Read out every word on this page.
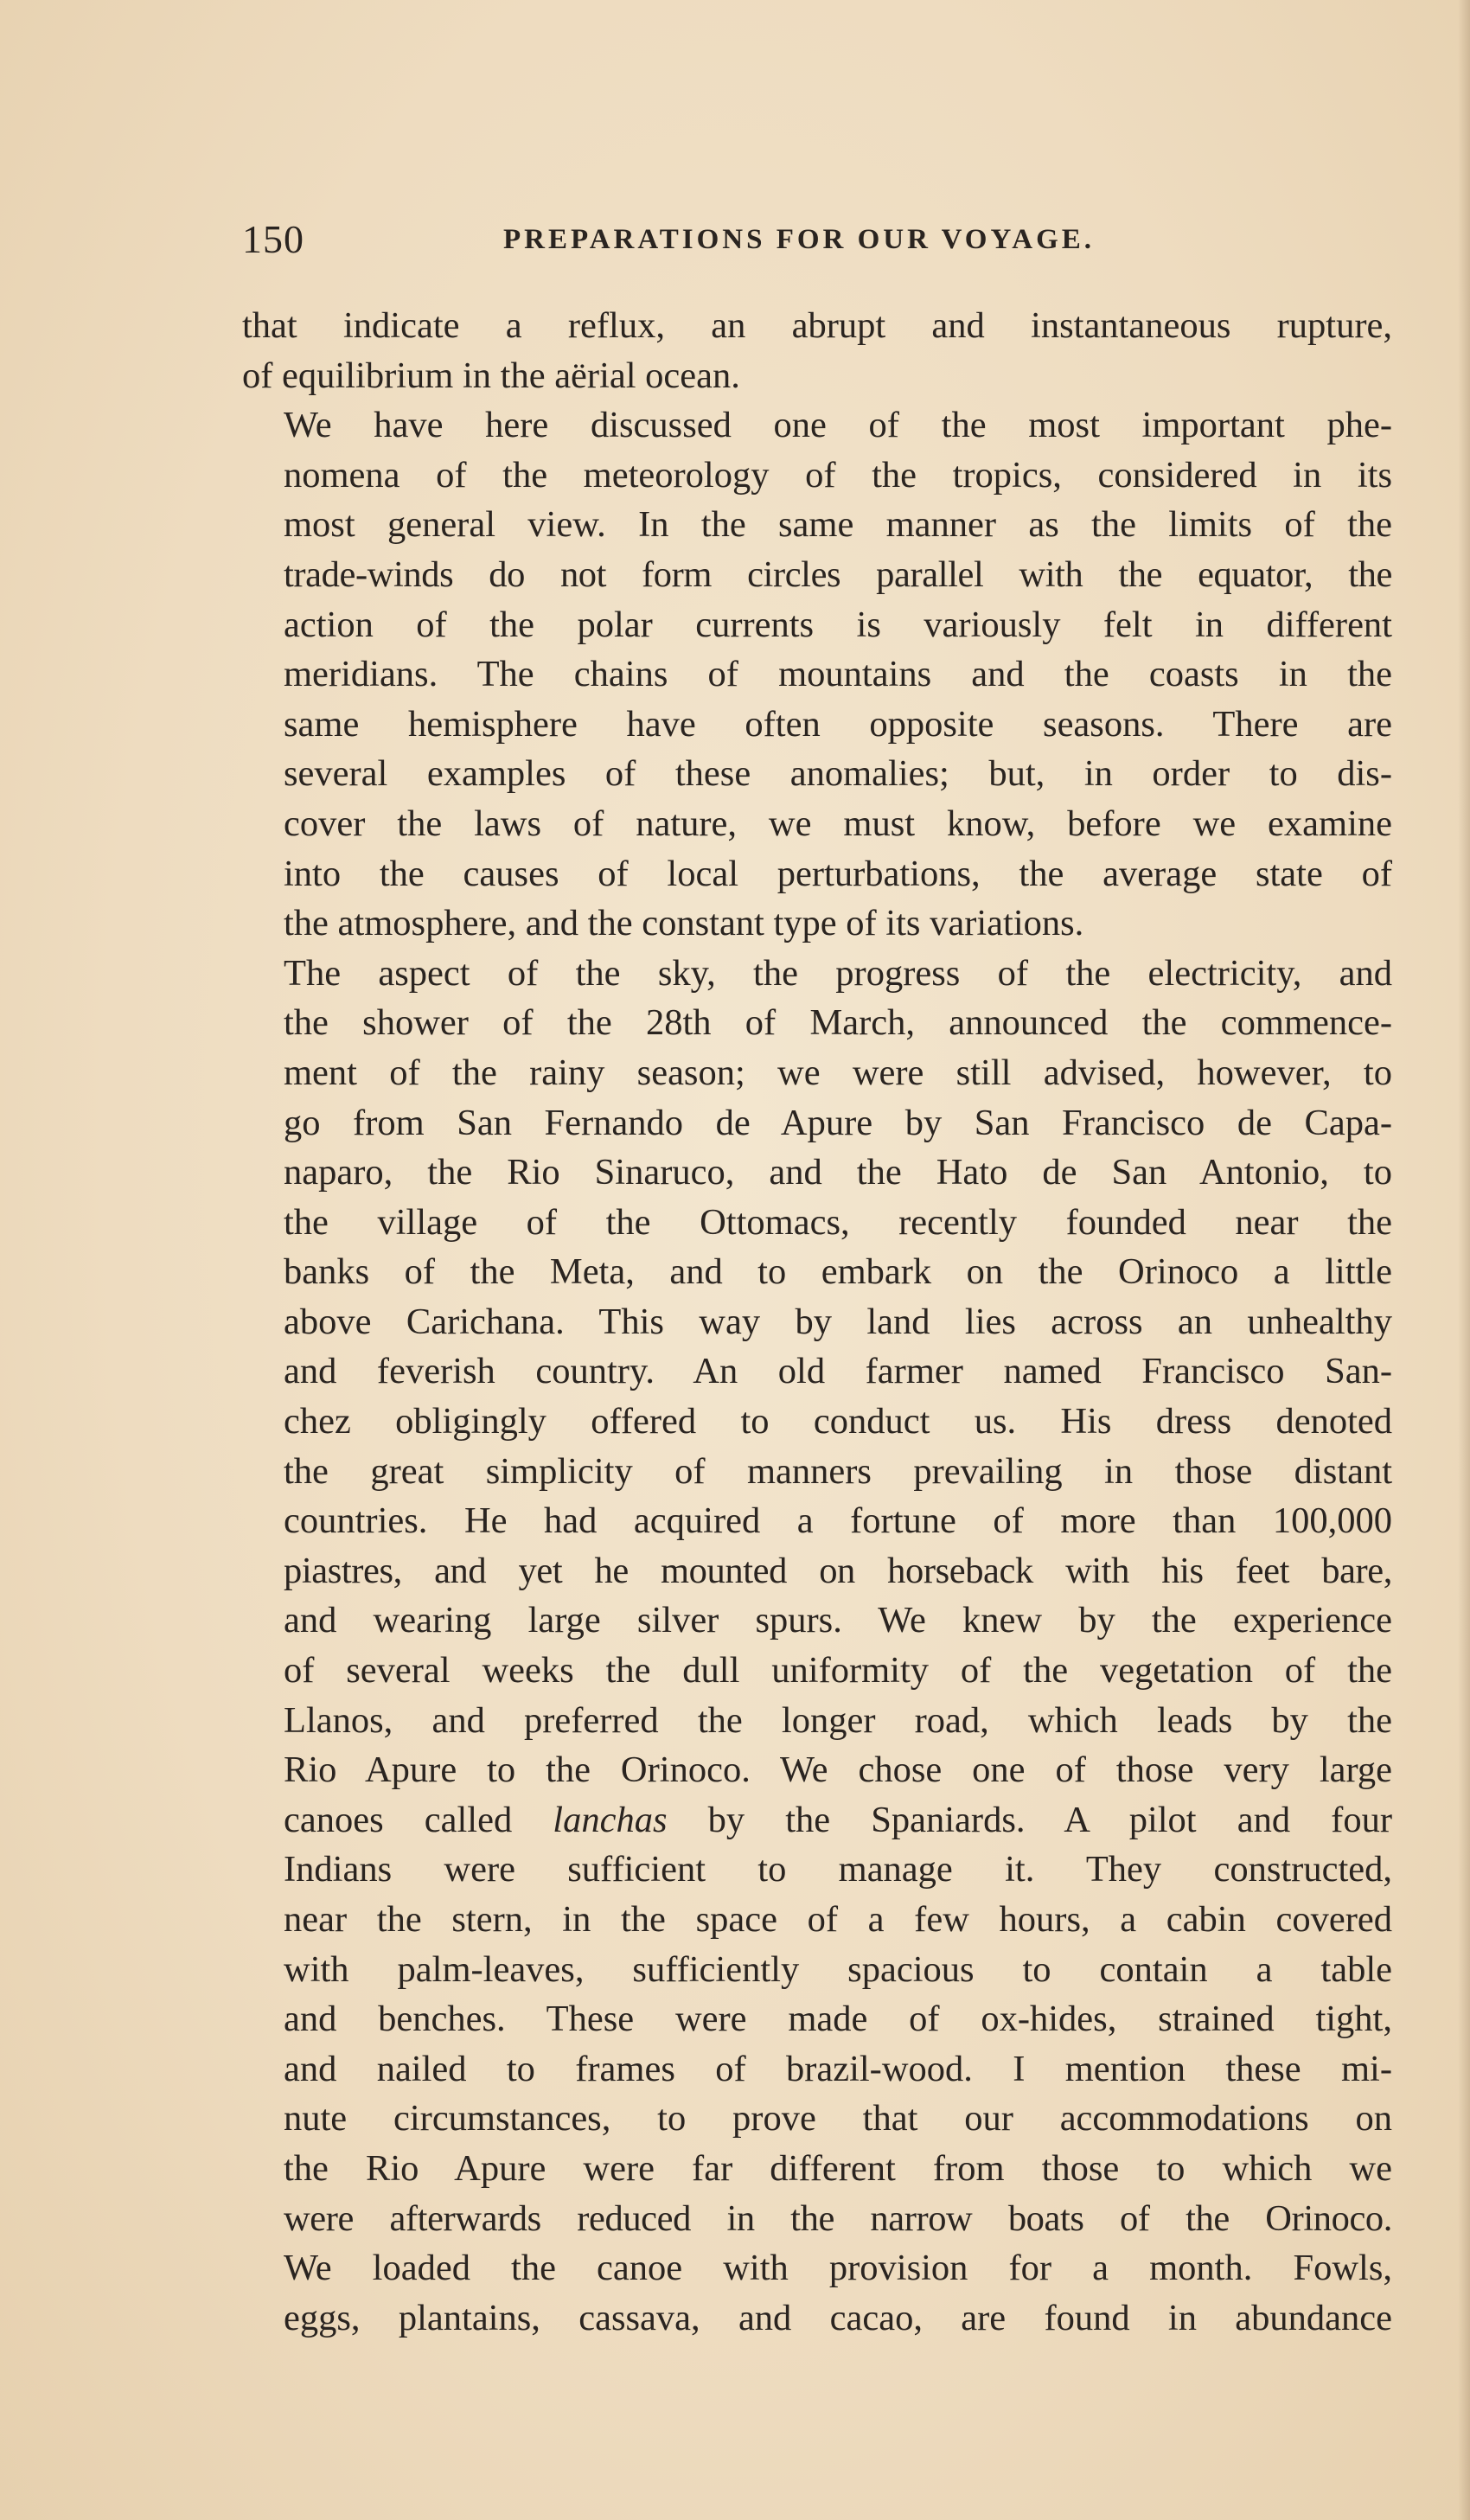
150	PREPARATIONS FOR OUR VOYAGE.

that indicate a reflux, an abrupt and instantaneous rupture,
of equilibrium in the aërial ocean.

We have here discussed one of the most important phe-
nomena of the meteorology of the tropics, considered in its
most general view. In the same manner as the limits of the
trade-winds do not form circles parallel with the equator, the
action of the polar currents is variously felt in different
meridians. The chains of mountains and the coasts in the
same hemisphere have often opposite seasons. There are
several examples of these anomalies; but, in order to dis-
cover the laws of nature, we must know, before we examine
into the causes of local perturbations, the average state of
the atmosphere, and the constant type of its variations.

The aspect of the sky, the progress of the electricity, and
the shower of the 28th of March, announced the commence-
ment of the rainy season; we were still advised, however, to
go from San Fernando de Apure by San Francisco de Capa-
naparo, the Rio Sinaruco, and the Hato de San Antonio, to
the village of the Ottomacs, recently founded near the
banks of the Meta, and to embark on the Orinoco a little
above Carichana. This way by land lies across an unhealthy
and feverish country. An old farmer named Francisco San-
chez obligingly offered to conduct us. His dress denoted
the great simplicity of manners prevailing in those distant
countries. He had acquired a fortune of more than 100,000
piastres, and yet he mounted on horseback with his feet bare,
and wearing large silver spurs. We knew by the experience
of several weeks the dull uniformity of the vegetation of the
Llanos, and preferred the longer road, which leads by the
Rio Apure to the Orinoco. We chose one of those very large
canoes called lanchas by the Spaniards. A pilot and four
Indians were sufficient to manage it. They constructed,
near the stern, in the space of a few hours, a cabin covered
with palm-leaves, sufficiently spacious to contain a table
and benches. These were made of ox-hides, strained tight,
and nailed to frames of brazil-wood. I mention these mi-
nute circumstances, to prove that our accommodations on
the Rio Apure were far different from those to which we
were afterwards reduced in the narrow boats of the Orinoco.
We loaded the canoe with provision for a month. Fowls,
eggs, plantains, cassava, and cacao, are found in abundance
